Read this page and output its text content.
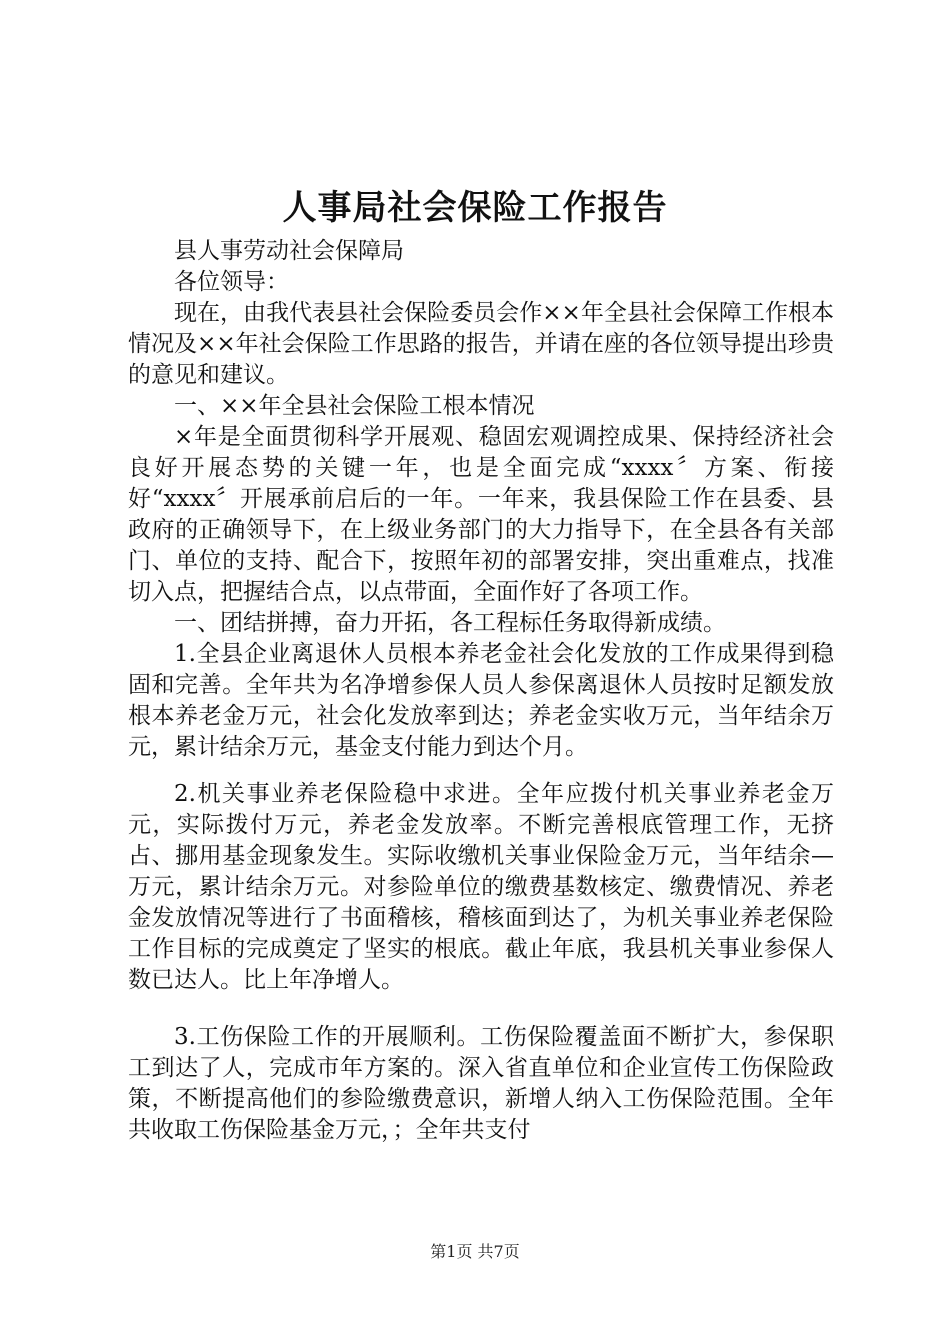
人事局社会保险工作报告

县人事劳动社会保障局

各位领导：

现在，由我代表县社会保险委员会作××年全县社会保障工作根本情况及××年社会保险工作思路的报告，并请在座的各位领导提出珍贵的意见和建议。

一、××年全县社会保险工根本情况

×年是全面贯彻科学开展观、稳固宏观调控成果、保持经济社会良好开展态势的关键一年，也是全面完成“xxxx〞方案、衔接好“xxxx〞开展承前启后的一年。一年来，我县保险工作在县委、县政府的正确领导下，在上级业务部门的大力指导下，在全县各有关部门、单位的支持、配合下，按照年初的部署安排，突出重难点，找准切入点，把握结合点，以点带面，全面作好了各项工作。

一、团结拼搏，奋力开拓，各工程标任务取得新成绩。

1.全县企业离退休人员根本养老金社会化发放的工作成果得到稳固和完善。全年共为名净增参保人员人参保离退休人员按时足额发放根本养老金万元，社会化发放率到达；养老金实收万元，当年结余万元，累计结余万元，基金支付能力到达个月。

2.机关事业养老保险稳中求进。全年应拨付机关事业养老金万元，实际拨付万元，养老金发放率。不断完善根底管理工作，无挤占、挪用基金现象发生。实际收缴机关事业保险金万元，当年结余—万元，累计结余万元。对参险单位的缴费基数核定、缴费情况、养老金发放情况等进行了书面稽核，稽核面到达了，为机关事业养老保险工作目标的完成奠定了坚实的根底。截止年底，我县机关事业参保人数已达人。比上年净增人。

3.工伤保险工作的开展顺利。工伤保险覆盖面不断扩大，参保职工到达了人，完成市年方案的。深入省直单位和企业宣传工伤保险政策，不断提高他们的参险缴费意识，新增人纳入工伤保险范围。全年共收取工伤保险基金万元，；全年共支付

第1页 共7页
